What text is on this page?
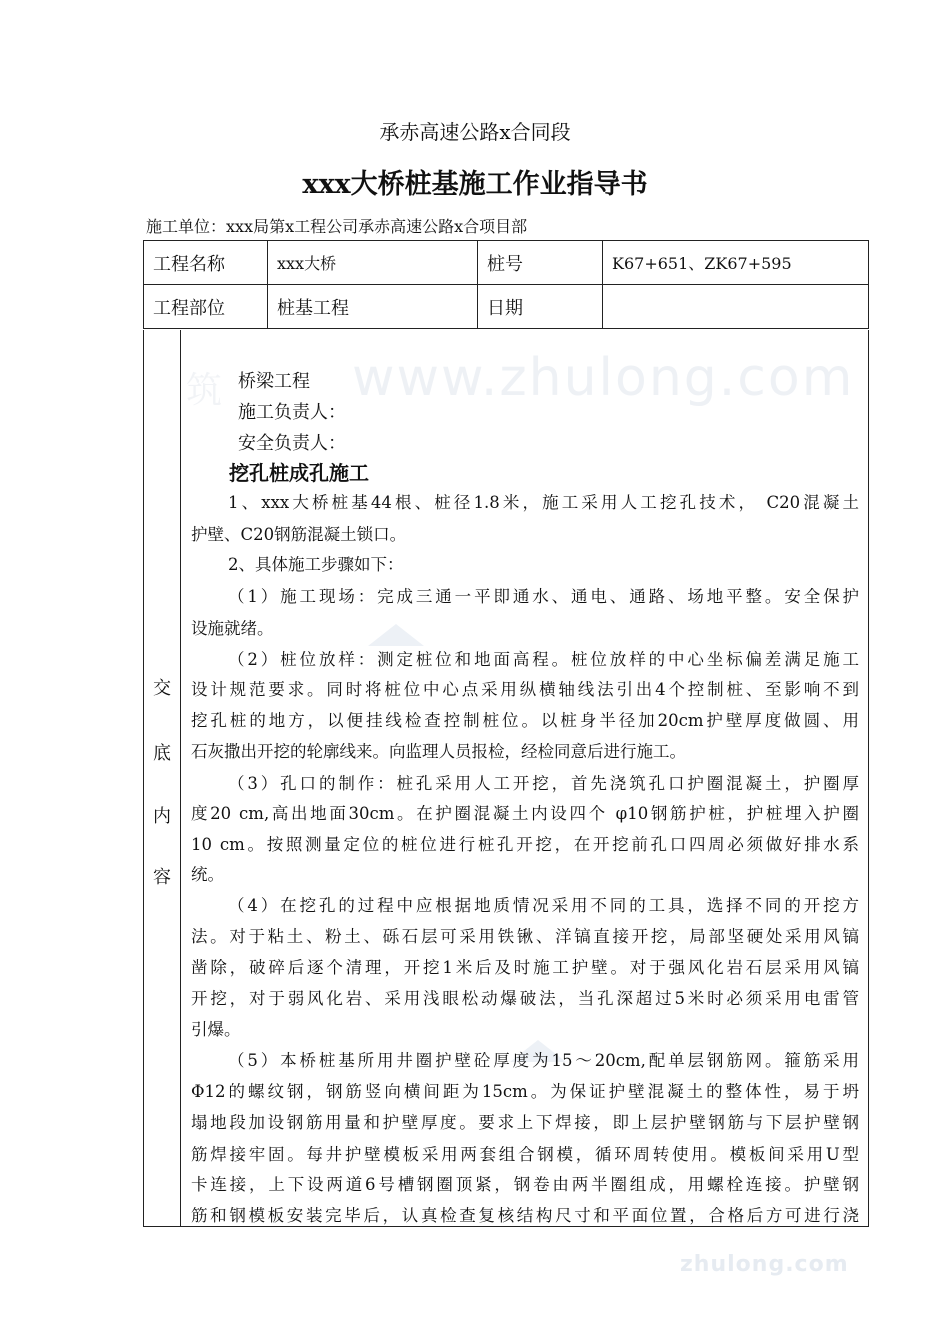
www.zhulong.com
筑
zhulong.com
承赤高速公路x合同段
xxx大桥桩基施工作业指导书
施工单位：xxx局第x工程公司承赤高速公路x合项目部
工程名称	xxx大桥	桩号	K67+651、ZK67+595
工程部位	桩基工程	日期	
交
底
内
容
桥梁工程
施工负责人：
安全负责人：
挖孔桩成孔施工
1、xxx大桥桩基44根、桩径1.8米，施工采用人工挖孔技术， C20混凝土
护壁、C20钢筋混凝土锁口。
2、具体施工步骤如下：
（1）施工现场：完成三通一平即通水、通电、通路、场地平整。安全保护
设施就绪。
（2）桩位放样：测定桩位和地面高程。桩位放样的中心坐标偏差满足施工
设计规范要求。同时将桩位中心点采用纵横轴线法引出4个控制桩、至影响不到
挖孔桩的地方，以便挂线检查控制桩位。以桩身半径加20cm护壁厚度做圆、用
石灰撒出开挖的轮廓线来。向监理人员报检，经检同意后进行施工。
（3）孔口的制作：桩孔采用人工开挖，首先浇筑孔口护圈混凝土，护圈厚
度20 cm,高出地面30cm。在护圈混凝土内设四个 φ10钢筋护桩，护桩埋入护圈
10 cm。按照测量定位的桩位进行桩孔开挖，在开挖前孔口四周必须做好排水系
统。
（4）在挖孔的过程中应根据地质情况采用不同的工具，选择不同的开挖方
法。对于粘土、粉土、砾石层可采用铁锹、洋镐直接开挖，局部坚硬处采用风镐
凿除，破碎后逐个清理，开挖1米后及时施工护壁。对于强风化岩石层采用风镐
开挖，对于弱风化岩、采用浅眼松动爆破法，当孔深超过5米时必须采用电雷管
引爆。
（5）本桥桩基所用井圈护壁砼厚度为15～20cm,配单层钢筋网。箍筋采用
Φ12的螺纹钢，钢筋竖向横间距为15cm。为保证护壁混凝土的整体性，易于坍
塌地段加设钢筋用量和护壁厚度。要求上下焊接，即上层护壁钢筋与下层护壁钢
筋焊接牢固。每井护壁模板采用两套组合钢模，循环周转使用。模板间采用U型
卡连接，上下设两道6号槽钢圈顶紧，钢卷由两半圈组成，用螺栓连接。护壁钢
筋和钢模板安装完毕后，认真检查复核结构尺寸和平面位置，合格后方可进行浇
